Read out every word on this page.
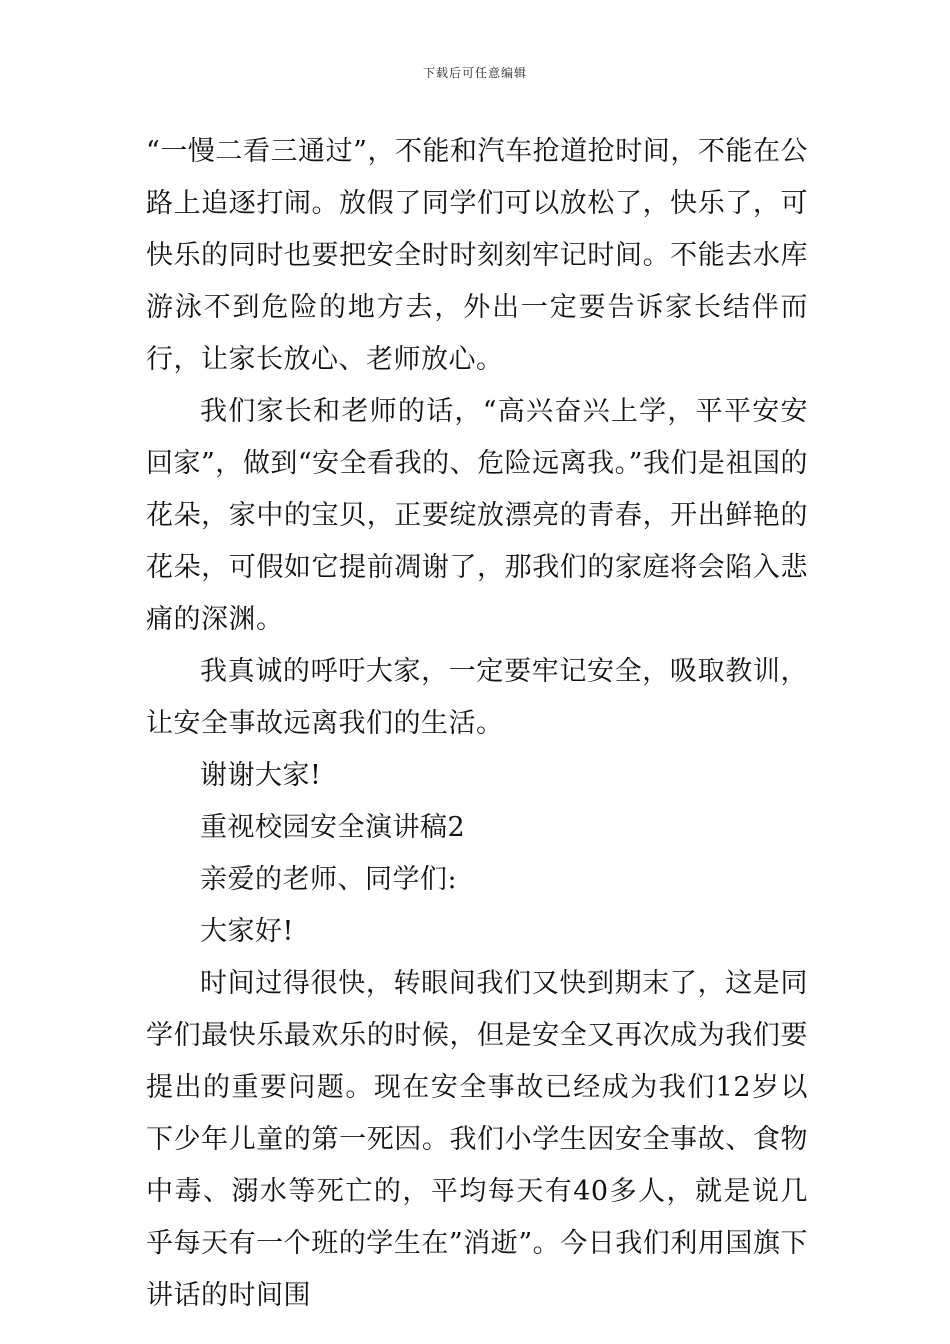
下载后可任意编辑

“一慢二看三通过”，不能和汽车抢道抢时间，不能在公路上追逐打闹。放假了同学们可以放松了，快乐了，可快乐的同时也要把安全时时刻刻牢记时间。不能去水库游泳不到危险的地方去，外出一定要告诉家长结伴而行，让家长放心、老师放心。

我们家长和老师的话，“高兴奋兴上学，平平安安回家”，做到“安全看我的、危险远离我。”我们是祖国的花朵，家中的宝贝，正要绽放漂亮的青春，开出鲜艳的花朵，可假如它提前凋谢了，那我们的家庭将会陷入悲痛的深渊。

我真诚的呼吁大家，一定要牢记安全，吸取教训，让安全事故远离我们的生活。

谢谢大家!

重视校园安全演讲稿2

亲爱的老师、同学们:

大家好!

时间过得很快，转眼间我们又快到期末了，这是同学们最快乐最欢乐的时候，但是安全又再次成为我们要提出的重要问题。现在安全事故已经成为我们12岁以下少年儿童的第一死因。我们小学生因安全事故、食物中毒、溺水等死亡的，平均每天有40多人，就是说几乎每天有一个班的学生在”消逝”。今日我们利用国旗下讲话的时间围
